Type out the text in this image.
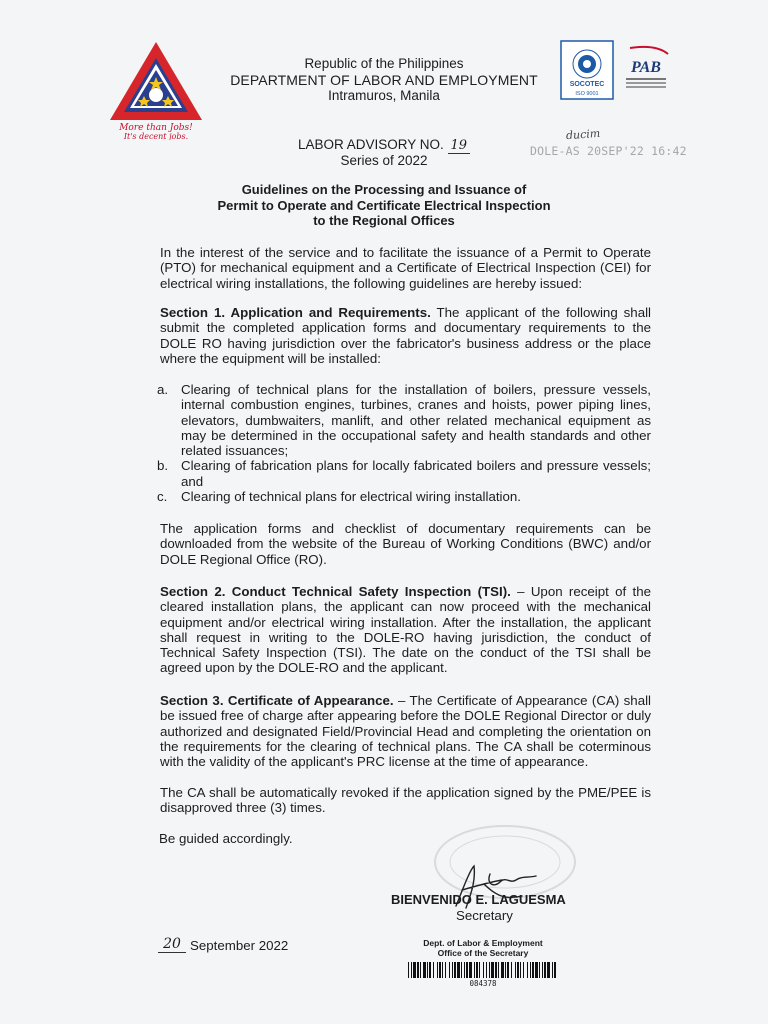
More than Jobs!
It's decent jobs.
Republic of the Philippines
DEPARTMENT OF LABOR AND EMPLOYMENT
Intramuros, Manila
SOCOTEC
ISO 9001
PAB
LABOR ADVISORY NO. 19
Series of 2022
ducim
DOLE-AS 20SEP'22 16:42
Guidelines on the Processing and Issuance of
Permit to Operate and Certificate Electrical Inspection
to the Regional Offices
In the interest of the service and to facilitate the issuance of a Permit to Operate (PTO) for mechanical equipment and a Certificate of Electrical Inspection (CEI) for electrical wiring installations, the following guidelines are hereby issued:
Section 1. Application and Requirements. The applicant of the following shall submit the completed application forms and documentary requirements to the DOLE RO having jurisdiction over the fabricator's business address or the place where the equipment will be installed:
a. Clearing of technical plans for the installation of boilers, pressure vessels, internal combustion engines, turbines, cranes and hoists, power piping lines, elevators, dumbwaiters, manlift, and other related mechanical equipment as may be determined in the occupational safety and health standards and other related issuances;
b. Clearing of fabrication plans for locally fabricated boilers and pressure vessels; and
c. Clearing of technical plans for electrical wiring installation.
The application forms and checklist of documentary requirements can be downloaded from the website of the Bureau of Working Conditions (BWC) and/or DOLE Regional Office (RO).
Section 2. Conduct Technical Safety Inspection (TSI). – Upon receipt of the cleared installation plans, the applicant can now proceed with the mechanical equipment and/or electrical wiring installation. After the installation, the applicant shall request in writing to the DOLE-RO having jurisdiction, the conduct of Technical Safety Inspection (TSI). The date on the conduct of the TSI shall be agreed upon by the DOLE-RO and the applicant.
Section 3. Certificate of Appearance. – The Certificate of Appearance (CA) shall be issued free of charge after appearing before the DOLE Regional Director or duly authorized and designated Field/Provincial Head and completing the orientation on the requirements for the clearing of technical plans. The CA shall be coterminous with the validity of the applicant's PRC license at the time of appearance.
The CA shall be automatically revoked if the application signed by the PME/PEE is disapproved three (3) times.
Be guided accordingly.
BIENVENIDO E. LAGUESMA
Secretary
20 September 2022	Dept. of Labor & Employment
Office of the Secretary
084378
